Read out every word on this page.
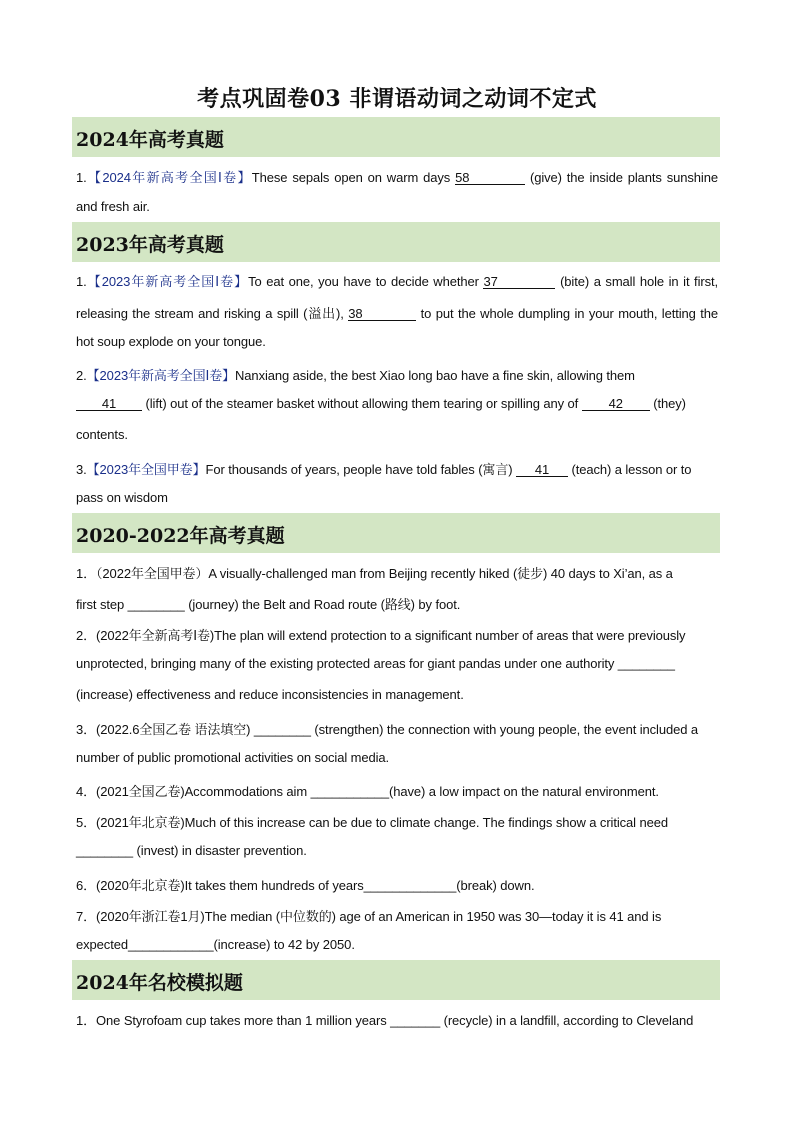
考点巩固卷03 非谓语动词之动词不定式
2024年高考真题
1.【2024年新高考全国Ⅰ卷】These sepals open on warm days 58	(give) the inside plants sunshine
and fresh air.
2023年高考真题
1.【2023年新高考全国Ⅰ卷】To eat one, you have to decide whether 37	(bite) a small hole in it first,
releasing the stream and risking a spill (溢出), 38	to put the whole dumpling in your mouth, letting the
hot soup explode on your tongue.
2.【2023年新高考全国Ⅰ卷】Nanxiang aside, the best Xiao long bao have a fine skin, allowing them
41 (lift) out of the steamer basket without allowing them tearing or spilling any of 42 (they)
contents.
3.【2023年全国甲卷】For thousands of years, people have told fables (寓言) 41 (teach) a lesson or to
pass on wisdom
2020-2022年高考真题
1．（2022年全国甲卷）A visually-challenged man from Beijing recently hiked (徒步) 40 days to Xi’an, as a
first step ________ (journey) the Belt and Road route (路线) by foot.
2．(2022年全新高考Ⅰ卷)The plan will extend protection to a significant number of areas that were previously
unprotected, bringing many of the existing protected areas for giant pandas under one authority ________
(increase) effectiveness and reduce inconsistencies in management.
3．(2022.6全国乙卷 语法填空) ________ (strengthen) the connection with young people, the event included a
number of public promotional activities on social media.
4．(2021全国乙卷)Accommodations aim ___________(have) a low impact on the natural environment.
5．(2021年北京卷)Much of this increase can be due to climate change. The findings show a critical need
________ (invest) in disaster prevention.
6．(2020年北京卷)It takes them hundreds of years_____________(break) down.
7．(2020年浙江卷1月)The median (中位数的) age of an American in 1950 was 30—today it is 41 and is
expected____________(increase) to 42 by 2050.
2024年名校模拟题
1．One Styrofoam cup takes more than 1 million years _______ (recycle) in a landfill, according to Cleveland
